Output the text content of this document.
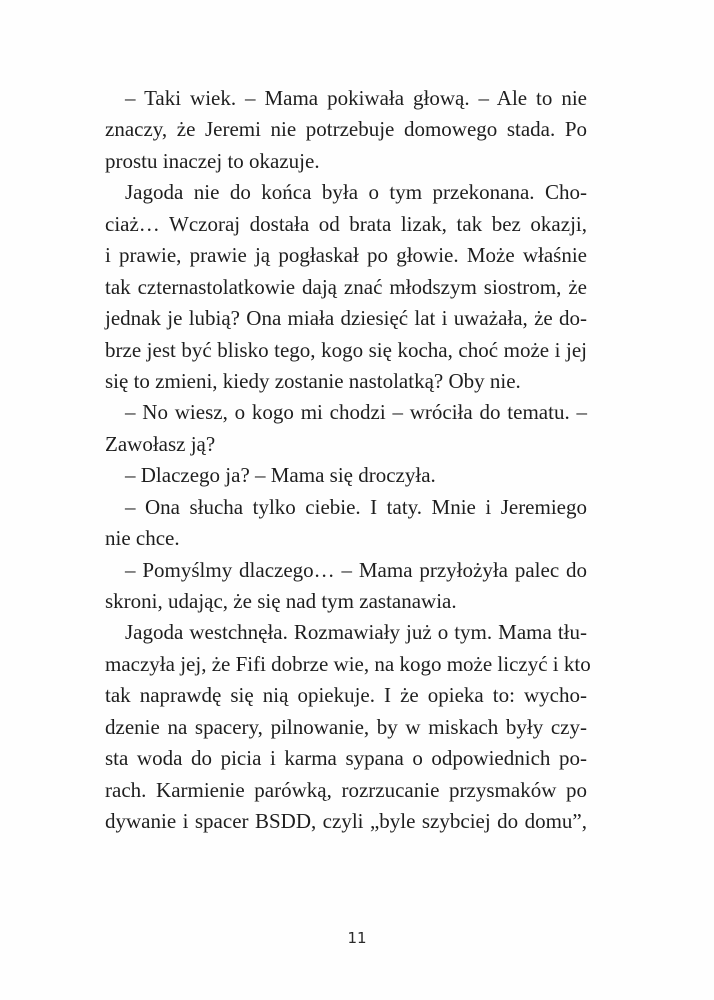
– Taki wiek. – Mama pokiwała głową. – Ale to nie
znaczy, że Jeremi nie potrzebuje domowego stada. Po
prostu inaczej to okazuje.
Jagoda nie do końca była o tym przekonana. Cho-
ciaż… Wczoraj dostała od brata lizak, tak bez okazji,
i prawie, prawie ją pogłaskał po głowie. Może właśnie
tak czternastolatkowie dają znać młodszym siostrom, że
jednak je lubią? Ona miała dziesięć lat i uważała, że do-
brze jest być blisko tego, kogo się kocha, choć może i jej
się to zmieni, kiedy zostanie nastolatką? Oby nie.
– No wiesz, o kogo mi chodzi – wróciła do tematu. –
Zawołasz ją?
– Dlaczego ja? – Mama się droczyła.
– Ona słucha tylko ciebie. I taty. Mnie i Jeremiego
nie chce.
– Pomyślmy dlaczego… – Mama przyłożyła palec do
skroni, udając, że się nad tym zastanawia.
Jagoda westchnęła. Rozmawiały już o tym. Mama tłu-
maczyła jej, że Fifi dobrze wie, na kogo może liczyć i kto
tak naprawdę się nią opiekuje. I że opieka to: wycho-
dzenie na spacery, pilnowanie, by w miskach były czy-
sta woda do picia i karma sypana o odpowiednich po-
rach. Karmienie parówką, rozrzucanie przysmaków po
dywanie i spacer BSDD, czyli „byle szybciej do domu”,
11
